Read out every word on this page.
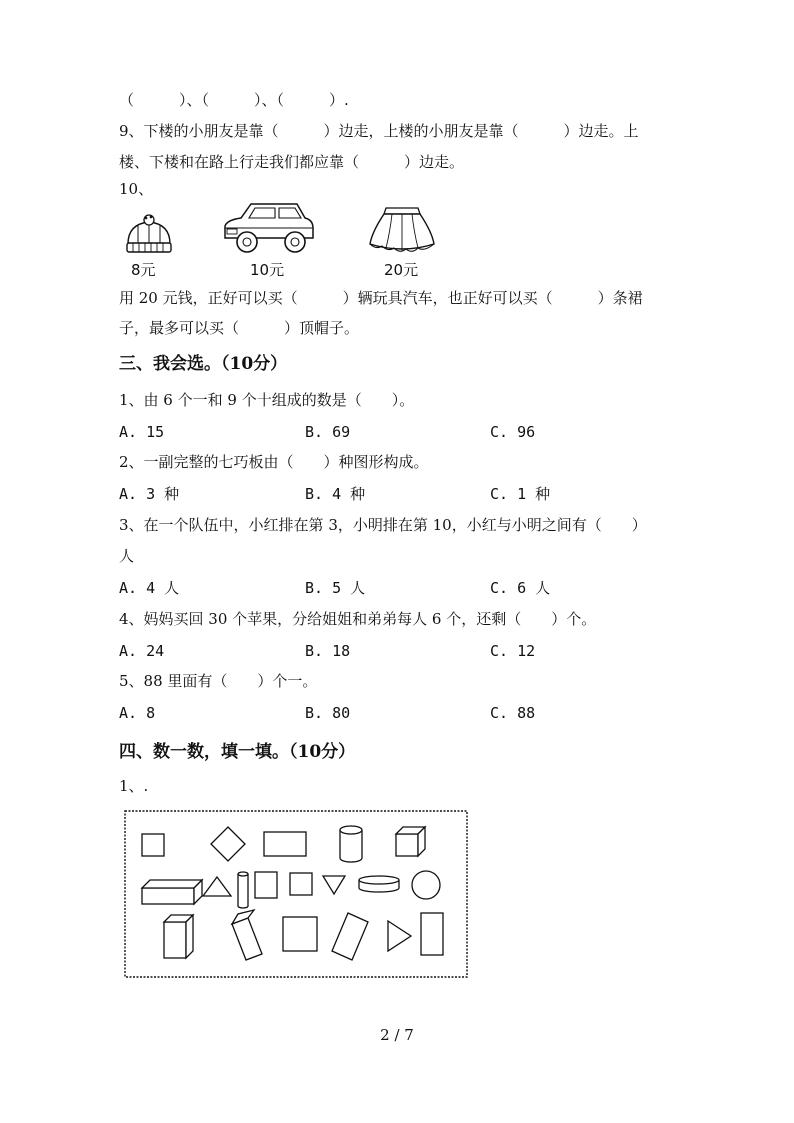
（　　　）、（　　　）、（　　　）.
9、下楼的小朋友是靠（　　　）边走，上楼的小朋友是靠（　　　）边走。上
楼、下楼和在路上行走我们都应靠（　　　）边走。
10、
8元	10元	20元
用 20 元钱，正好可以买（　　　）辆玩具汽车，也正好可以买（　　　）条裙
子，最多可以买（　　　）顶帽子。
三、我会选。（10分）
1、由 6 个一和 9 个十组成的数是（　　）。
A. 15	B. 69	C. 96
2、一副完整的七巧板由（　　）种图形构成。
A. 3 种	B. 4 种	C. 1 种
3、在一个队伍中，小红排在第 3，小明排在第 10，小红与小明之间有（　　）
人
A. 4 人	B. 5 人	C. 6 人
4、妈妈买回 30 个苹果，分给姐姐和弟弟每人 6 个，还剩（　　）个。
A. 24	B. 18	C. 12
5、88 里面有（　　）个一。
A. 8	B. 80	C. 88
四、数一数，填一填。（10分）
1、.
2 / 7
